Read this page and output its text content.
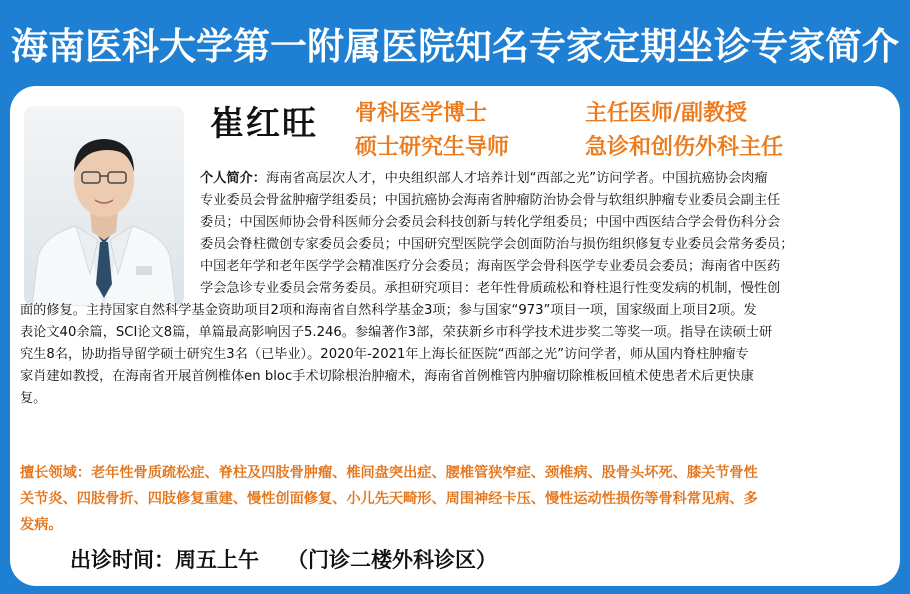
海南医科大学第一附属医院知名专家定期坐诊专家简介
崔红旺 骨科医学博士
硕士研究生导师
主任医师/副教授
急诊和创伤外科主任
个人简介：海南省高层次人才，中央组织部人才培养计划“西部之光”访问学者。中国抗癌协会肉瘤
专业委员会骨盆肿瘤学组委员；中国抗癌协会海南省肿瘤防治协会骨与软组织肿瘤专业委员会副主任
委员；中国医师协会骨科医师分会委员会科技创新与转化学组委员；中国中西医结合学会骨伤科分会
委员会脊柱微创专家委员会委员；中国研究型医院学会创面防治与损伤组织修复专业委员会常务委员；
中国老年学和老年医学学会精准医疗分会委员；海南医学会骨科医学专业委员会委员；海南省中医药
学会急诊专业委员会常务委员。承担研究项目：老年性骨质疏松和脊柱退行性变发病的机制，慢性创
面的修复。主持国家自然科学基金资助项目2项和海南省自然科学基金3项；参与国家“973”项目一项，国家级面上项目2项。发
表论文40余篇，SCI论文8篇，单篇最高影响因子5.246。参编著作3部，荣获新乡市科学技术进步奖二等奖一项。指导在读硕士研
究生8名，协助指导留学硕士研究生3名（已毕业）。2020年-2021年上海长征医院“西部之光”访问学者，师从国内脊柱肿瘤专
家肖建如教授，在海南省开展首例椎体en bloc手术切除根治肿瘤术，海南省首例椎管内肿瘤切除椎板回植术使患者术后更快康
复。
擅长领域：老年性骨质疏松症、脊柱及四肢骨肿瘤、椎间盘突出症、腰椎管狭窄症、颈椎病、股骨头坏死、膝关节骨性
关节炎、四肢骨折、四肢修复重建、慢性创面修复、小儿先天畸形、周围神经卡压、慢性运动性损伤等骨科常见病、多
发病。
出诊时间：周五上午 （门诊二楼外科诊区）
